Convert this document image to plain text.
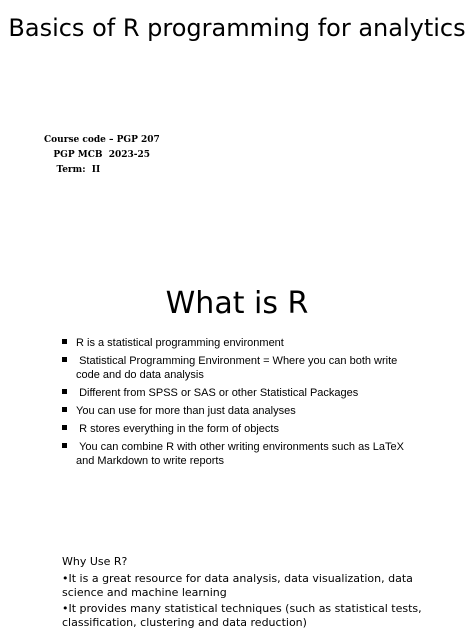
Basics of R programming for analytics
Course code – PGP 207
PGP MCB  2023-25
Term:  II
What is R
R is a statistical programming environment
Statistical Programming Environment = Where you can both write code and do data analysis
Different from SPSS or SAS or other Statistical Packages
You can use for more than just data analyses
R stores everything in the form of objects
You can combine R with other writing environments such as LaTeX and Markdown to write reports
Why Use R?
•It is a great resource for data analysis, data visualization, data science and machine learning
•It provides many statistical techniques (such as statistical tests, classification, clustering and data reduction)
